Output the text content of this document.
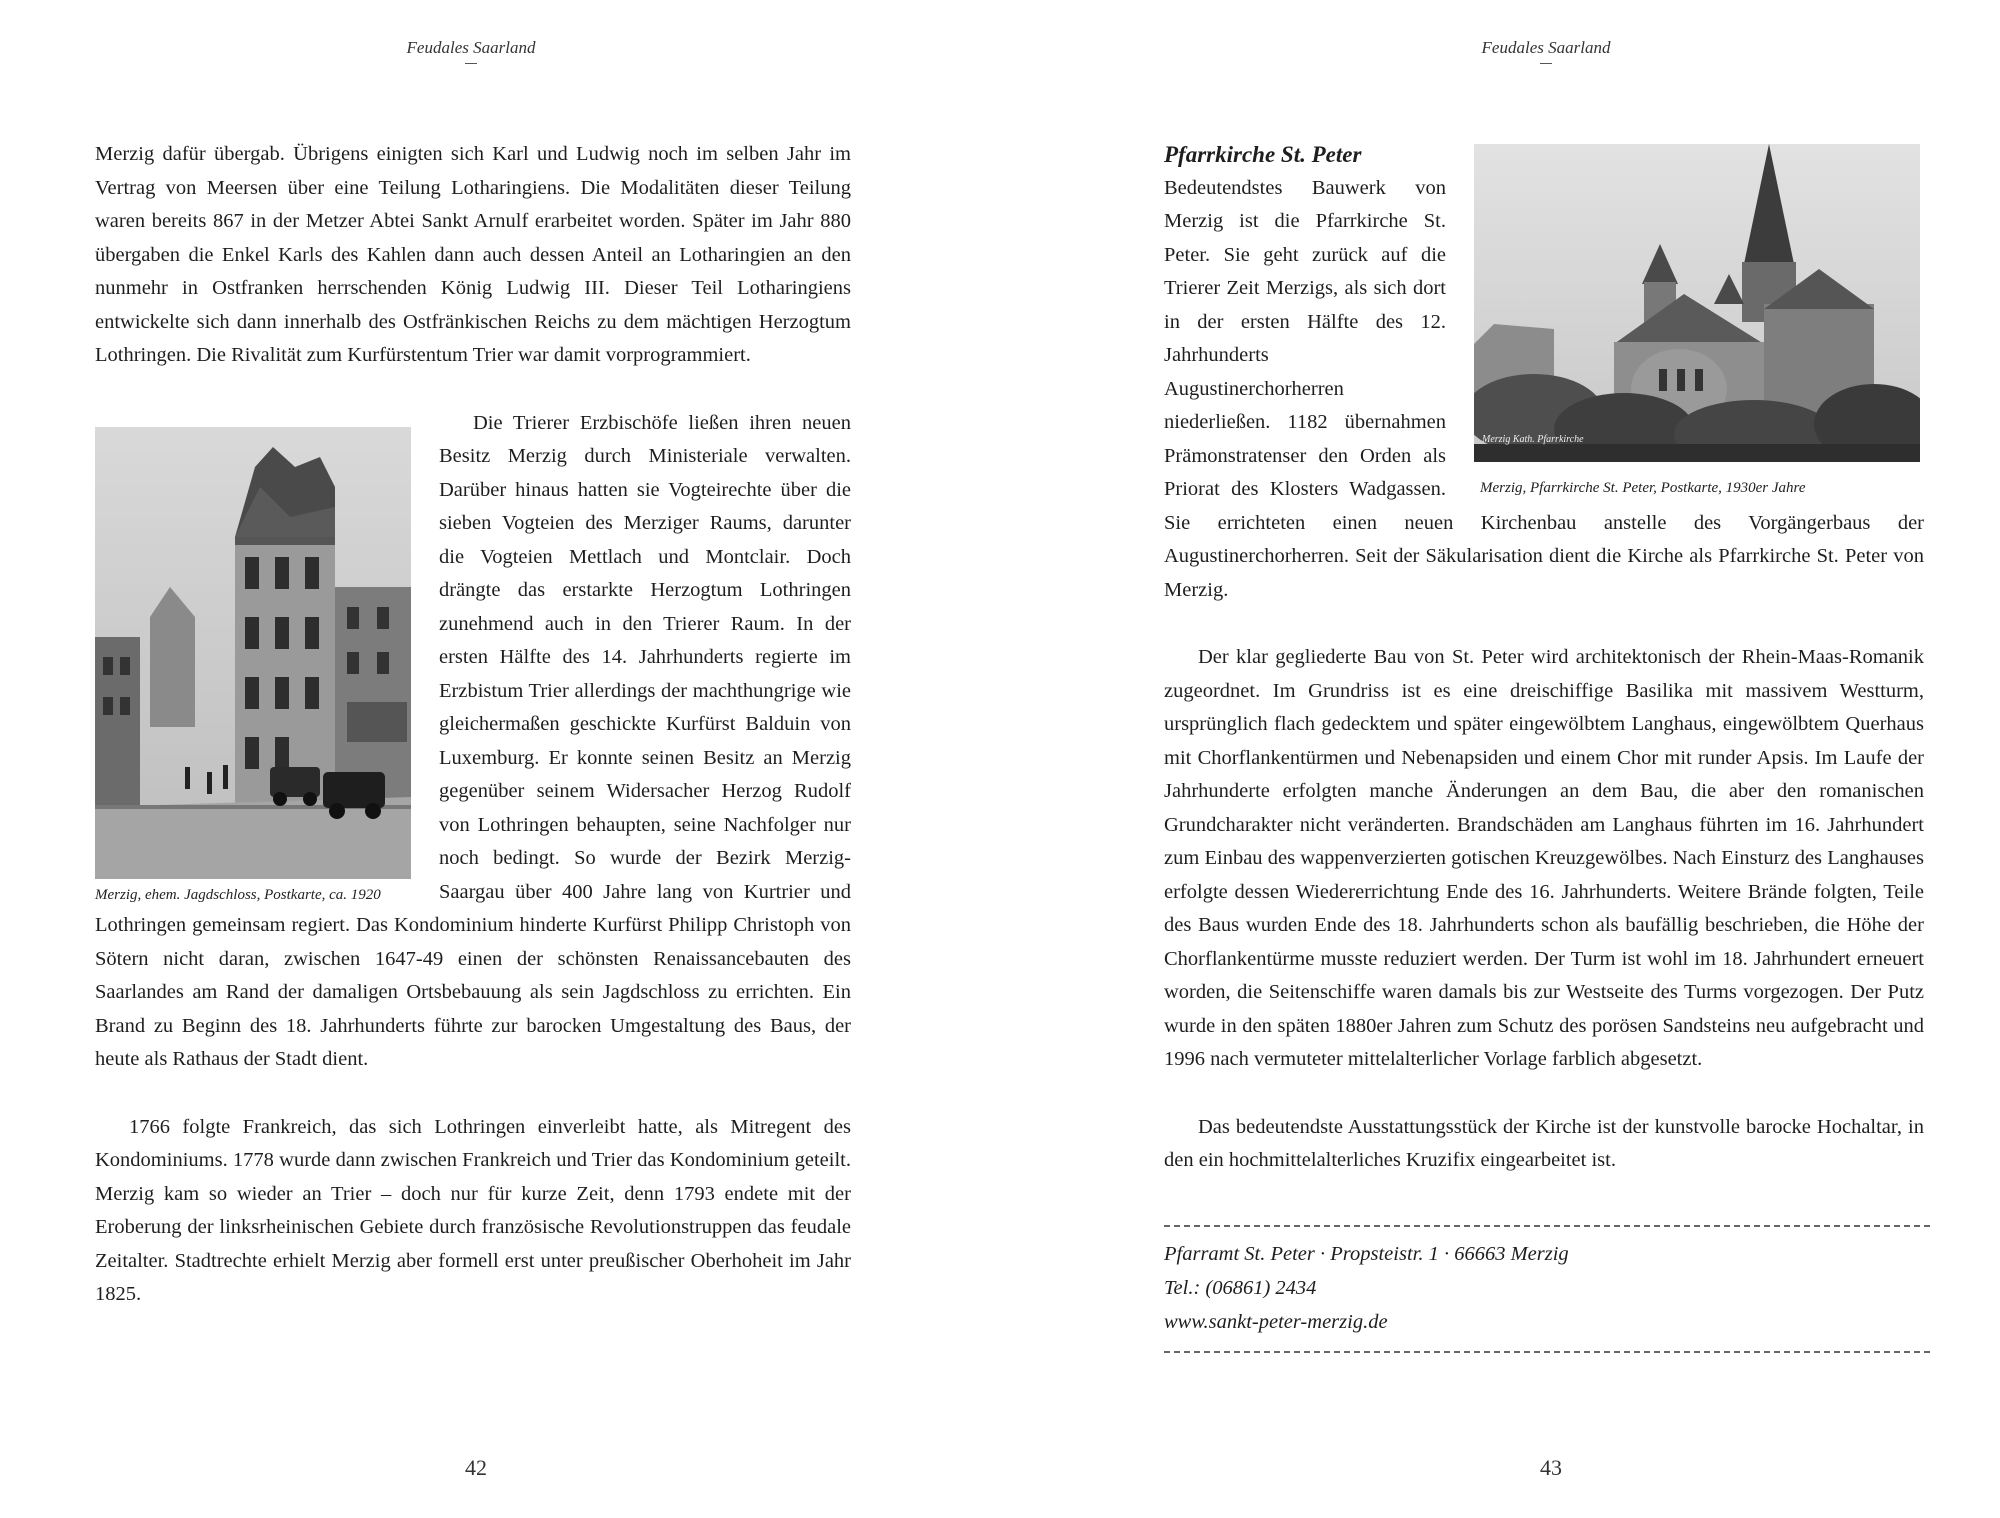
Feudales Saarland

Merzig dafür übergab. Übrigens einigten sich Karl und Ludwig noch im selben Jahr im Vertrag von Meersen über eine Teilung Lotharingiens. Die Modalitäten dieser Teilung waren bereits 867 in der Metzer Abtei Sankt Arnulf erarbeitet worden. Später im Jahr 880 übergaben die Enkel Karls des Kahlen dann auch dessen Anteil an Lotharingien an den nunmehr in Ostfranken herrschenden König Ludwig III. Dieser Teil Lotharingiens entwickelte sich dann innerhalb des Ostfränkischen Reichs zu dem mächtigen Herzogtum Lothringen. Die Rivalität zum Kurfürstentum Trier war damit vorprogrammiert.

Merzig, ehem. Jagdschloss, Postkarte, ca. 1920

Die Trierer Erzbischöfe ließen ihren neuen Besitz Merzig durch Ministeriale verwalten. Darüber hinaus hatten sie Vogteirechte über die sieben Vogteien des Merziger Raums, darunter die Vogteien Mettlach und Montclair. Doch drängte das erstarkte Herzogtum Lothringen zunehmend auch in den Trierer Raum. In der ersten Hälfte des 14. Jahrhunderts regierte im Erzbistum Trier allerdings der machthungrige wie gleichermaßen geschickte Kurfürst Balduin von Luxemburg. Er konnte seinen Besitz an Merzig gegenüber seinem Widersacher Herzog Rudolf von Lothringen behaupten, seine Nachfolger nur noch bedingt. So wurde der Bezirk Merzig-Saargau über 400 Jahre lang von Kurtrier und Lothringen gemeinsam regiert. Das Kondominium hinderte Kurfürst Philipp Christoph von Sötern nicht daran, zwischen 1647-49 einen der schönsten Renaissancebauten des Saarlandes am Rand der damaligen Ortsbebauung als sein Jagdschloss zu errichten. Ein Brand zu Beginn des 18. Jahrhunderts führte zur barocken Umgestaltung des Baus, der heute als Rathaus der Stadt dient.

1766 folgte Frankreich, das sich Lothringen einverleibt hatte, als Mitregent des Kondominiums. 1778 wurde dann zwischen Frankreich und Trier das Kondominium geteilt. Merzig kam so wieder an Trier – doch nur für kurze Zeit, denn 1793 endete mit der Eroberung der linksrheinischen Gebiete durch französische Revolutionstruppen das feudale Zeitalter. Stadtrechte erhielt Merzig aber formell erst unter preußischer Oberhoheit im Jahr 1825.

42
Feudales Saarland
Merzig Kath. Pfarrkirche
Merzig, Pfarrkirche St. Peter, Postkarte, 1930er Jahre

Pfarrkirche St. Peter

Bedeutendstes Bauwerk von Merzig ist die Pfarrkirche St. Peter. Sie geht zurück auf die Trierer Zeit Merzigs, als sich dort in der ersten Hälfte des 12. Jahrhunderts Augustinerchorherren niederließen. 1182 übernahmen Prämonstratenser den Orden als Priorat des Klosters Wadgassen. Sie errichteten einen neuen Kirchenbau anstelle des Vorgängerbaus der Augustinerchorherren. Seit der Säkularisation dient die Kirche als Pfarrkirche St. Peter von Merzig.

Der klar gegliederte Bau von St. Peter wird architektonisch der Rhein-Maas-Romanik zugeordnet. Im Grundriss ist es eine dreischiffige Basilika mit massivem Westturm, ursprünglich flach gedecktem und später eingewölbtem Langhaus, eingewölbtem Querhaus mit Chorflankentürmen und Nebenapsiden und einem Chor mit runder Apsis. Im Laufe der Jahrhunderte erfolgten manche Änderungen an dem Bau, die aber den romanischen Grundcharakter nicht veränderten. Brandschäden am Langhaus führten im 16. Jahrhundert zum Einbau des wappenverzierten gotischen Kreuzgewölbes. Nach Einsturz des Langhauses erfolgte dessen Wiedererrichtung Ende des 16. Jahrhunderts. Weitere Brände folgten, Teile des Baus wurden Ende des 18. Jahrhunderts schon als baufällig beschrieben, die Höhe der Chorflankentürme musste reduziert werden. Der Turm ist wohl im 18. Jahrhundert erneuert worden, die Seitenschiffe waren damals bis zur Westseite des Turms vorgezogen. Der Putz wurde in den späten 1880er Jahren zum Schutz des porösen Sandsteins neu aufgebracht und 1996 nach vermuteter mittelalterlicher Vorlage farblich abgesetzt.

Das bedeutendste Ausstattungsstück der Kirche ist der kunstvolle barocke Hochaltar, in den ein hochmittelalterliches Kruzifix eingearbeitet ist.

Pfarramt St. Peter · Propsteistr. 1 · 66663 Merzig
Tel.: (06861) 2434
www.sankt-peter-merzig.de
43
